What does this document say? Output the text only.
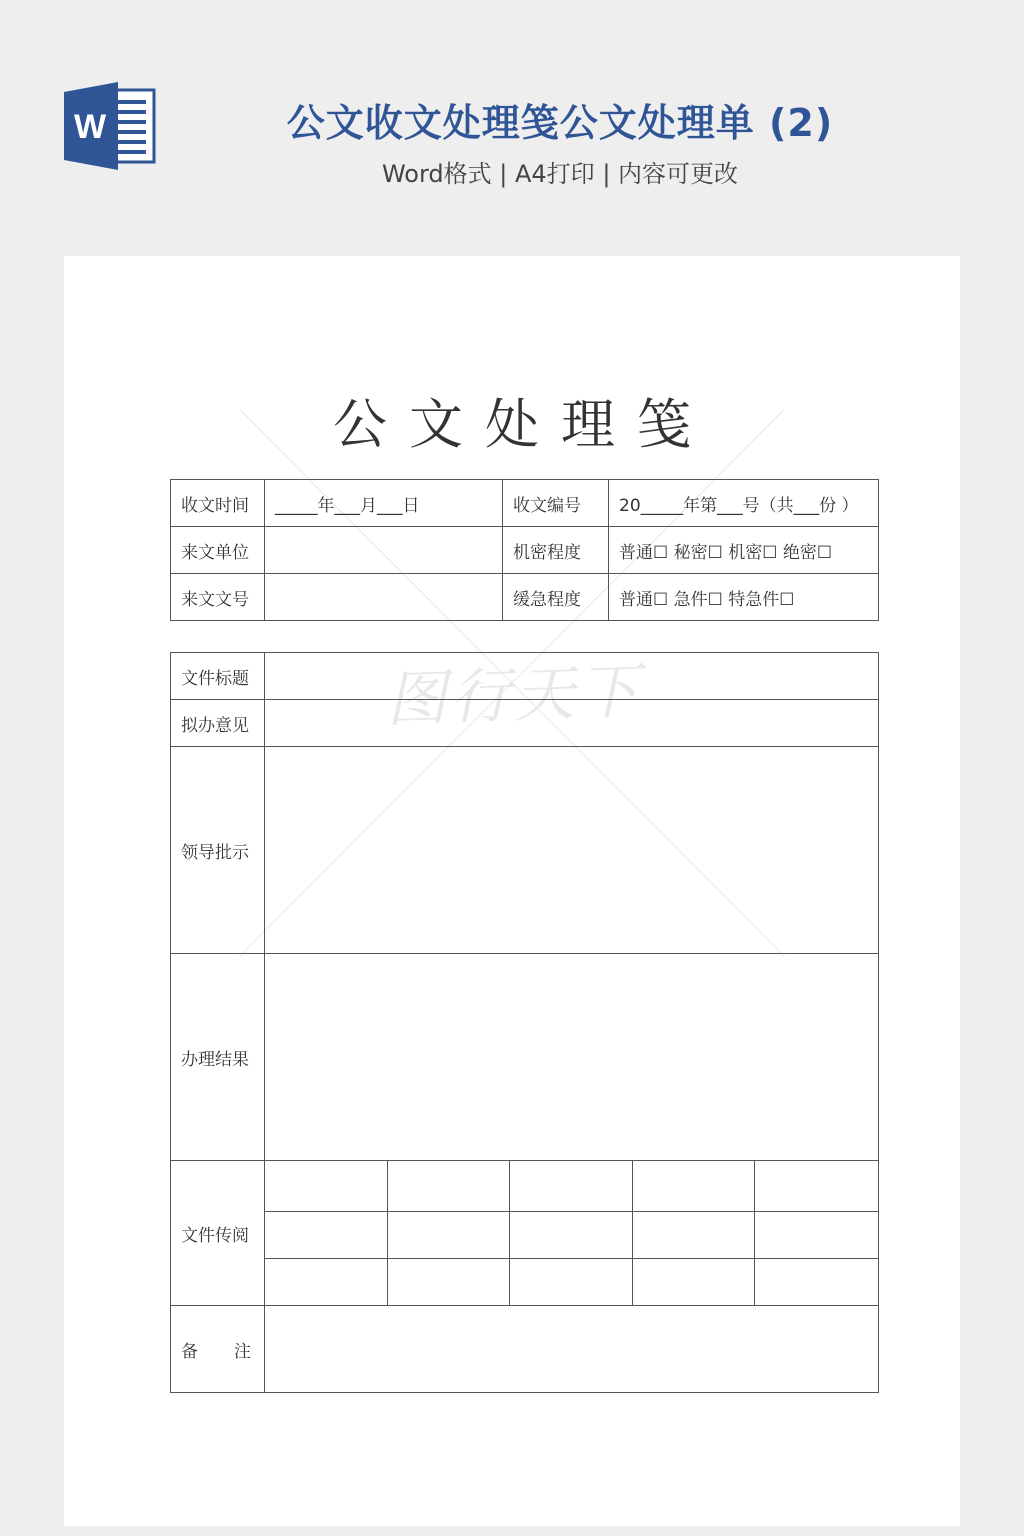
W	公文收文处理笺公文处理单 (2)
Word格式 | A4打印 | 内容可更改
公文处理笺
收文时间	_____年___月___日	收文编号	20_____年第___号（共___份 ）
来文单位		机密程度	普通☐ 秘密☐ 机密☐ 绝密☐
来文文号		缓急程度	普通☐ 急件☐ 特急件☐
图行天下
文件标题					
拟办意见					
领导批示					
办理结果					
文件传阅					

备 注					
